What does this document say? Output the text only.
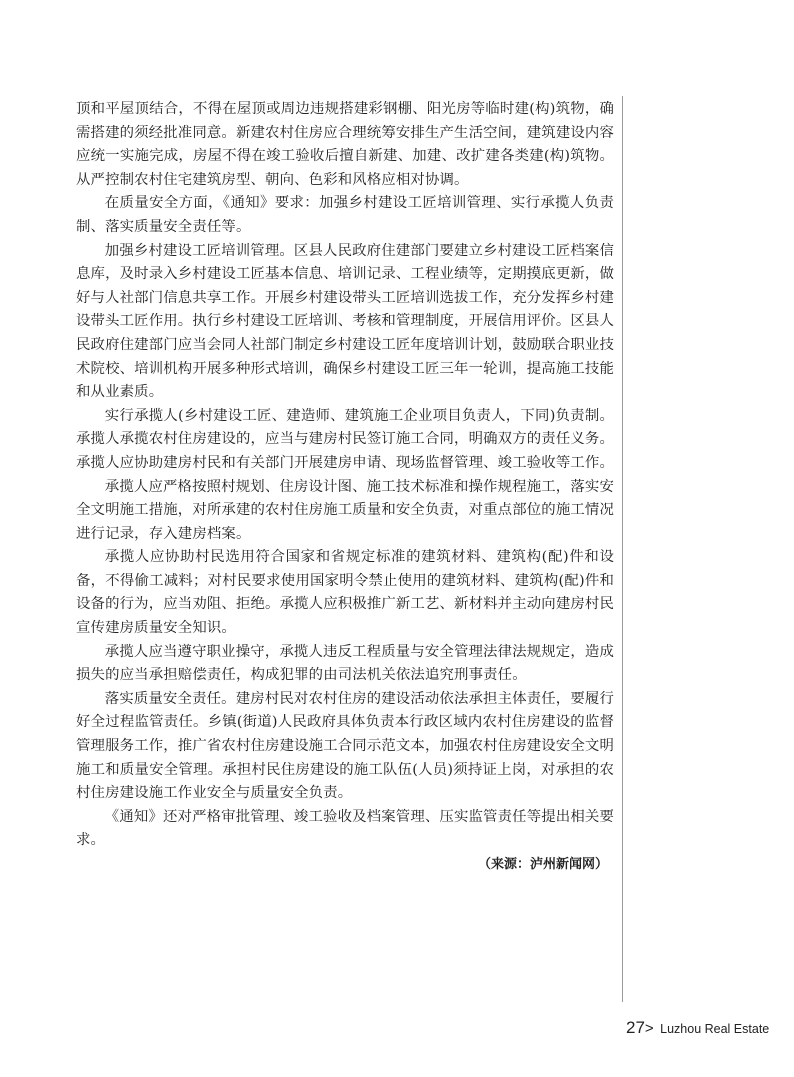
顶和平屋顶结合，不得在屋顶或周边违规搭建彩钢棚、阳光房等临时建(构)筑物，确需搭建的须经批准同意。新建农村住房应合理统筹安排生产生活空间，建筑建设内容应统一实施完成，房屋不得在竣工验收后擅自新建、加建、改扩建各类建(构)筑物。从严控制农村住宅建筑房型、朝向、色彩和风格应相对协调。

在质量安全方面，《通知》要求：加强乡村建设工匠培训管理、实行承揽人负责制、落实质量安全责任等。

加强乡村建设工匠培训管理。区县人民政府住建部门要建立乡村建设工匠档案信息库，及时录入乡村建设工匠基本信息、培训记录、工程业绩等，定期摸底更新，做好与人社部门信息共享工作。开展乡村建设带头工匠培训选拔工作，充分发挥乡村建设带头工匠作用。执行乡村建设工匠培训、考核和管理制度，开展信用评价。区县人民政府住建部门应当会同人社部门制定乡村建设工匠年度培训计划，鼓励联合职业技术院校、培训机构开展多种形式培训，确保乡村建设工匠三年一轮训，提高施工技能和从业素质。

实行承揽人(乡村建设工匠、建造师、建筑施工企业项目负责人，下同)负责制。承揽人承揽农村住房建设的，应当与建房村民签订施工合同，明确双方的责任义务。承揽人应协助建房村民和有关部门开展建房申请、现场监督管理、竣工验收等工作。

承揽人应严格按照村规划、住房设计图、施工技术标准和操作规程施工，落实安全文明施工措施，对所承建的农村住房施工质量和安全负责，对重点部位的施工情况进行记录，存入建房档案。

承揽人应协助村民选用符合国家和省规定标准的建筑材料、建筑构(配)件和设备，不得偷工减料；对村民要求使用国家明令禁止使用的建筑材料、建筑构(配)件和设备的行为，应当劝阻、拒绝。承揽人应积极推广新工艺、新材料并主动向建房村民宣传建房质量安全知识。

承揽人应当遵守职业操守，承揽人违反工程质量与安全管理法律法规规定，造成损失的应当承担赔偿责任，构成犯罪的由司法机关依法追究刑事责任。

落实质量安全责任。建房村民对农村住房的建设活动依法承担主体责任，要履行好全过程监管责任。乡镇(街道)人民政府具体负责本行政区域内农村住房建设的监督管理服务工作，推广省农村住房建设施工合同示范文本，加强农村住房建设安全文明施工和质量安全管理。承担村民住房建设的施工队伍(人员)须持证上岗，对承担的农村住房建设施工作业安全与质量安全负责。

《通知》还对严格审批管理、竣工验收及档案管理、压实监管责任等提出相关要求。

（来源：泸州新闻网）

27> Luzhou Real Estate
